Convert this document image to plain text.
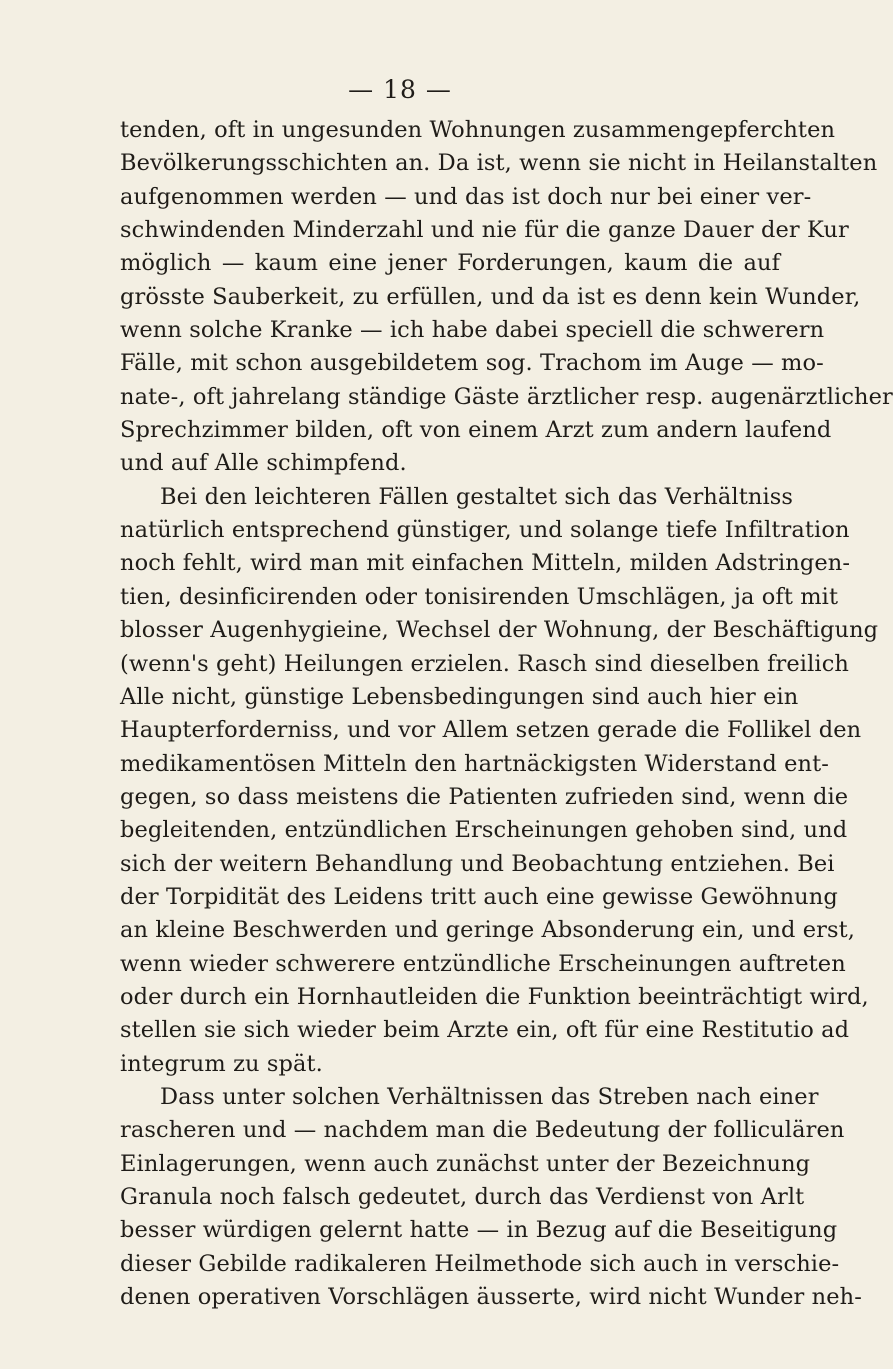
— 18 —
tenden, oft in ungesunden Wohnungen zusammengepferchten
Bevölkerungsschichten an. Da ist, wenn sie nicht in Heilanstalten
aufgenommen werden — und das ist doch nur bei einer ver-
schwindenden Minderzahl und nie für die ganze Dauer der Kur
möglich — kaum eine jener Forderungen, kaum die auf
grösste Sauberkeit, zu erfüllen, und da ist es denn kein Wunder,
wenn solche Kranke — ich habe dabei speciell die schwerern
Fälle, mit schon ausgebildetem sog. Trachom im Auge — mo-
nate-, oft jahrelang ständige Gäste ärztlicher resp. augenärztlicher
Sprechzimmer bilden, oft von einem Arzt zum andern laufend
und auf Alle schimpfend.
Bei den leichteren Fällen gestaltet sich das Verhältniss
natürlich entsprechend günstiger, und solange tiefe Infiltration
noch fehlt, wird man mit einfachen Mitteln, milden Adstringen-
tien, desinficirenden oder tonisirenden Umschlägen, ja oft mit
blosser Augenhygieine, Wechsel der Wohnung, der Beschäftigung
(wenn's geht) Heilungen erzielen. Rasch sind dieselben freilich
Alle nicht, günstige Lebensbedingungen sind auch hier ein
Haupterforderniss, und vor Allem setzen gerade die Follikel den
medikamentösen Mitteln den hartnäckigsten Widerstand ent-
gegen, so dass meistens die Patienten zufrieden sind, wenn die
begleitenden, entzündlichen Erscheinungen gehoben sind, und
sich der weitern Behandlung und Beobachtung entziehen. Bei
der Torpidität des Leidens tritt auch eine gewisse Gewöhnung
an kleine Beschwerden und geringe Absonderung ein, und erst,
wenn wieder schwerere entzündliche Erscheinungen auftreten
oder durch ein Hornhautleiden die Funktion beeinträchtigt wird,
stellen sie sich wieder beim Arzte ein, oft für eine Restitutio ad
integrum zu spät.
Dass unter solchen Verhältnissen das Streben nach einer
rascheren und — nachdem man die Bedeutung der folliculären
Einlagerungen, wenn auch zunächst unter der Bezeichnung
Granula noch falsch gedeutet, durch das Verdienst von Arlt
besser würdigen gelernt hatte — in Bezug auf die Beseitigung
dieser Gebilde radikaleren Heilmethode sich auch in verschie-
denen operativen Vorschlägen äusserte, wird nicht Wunder neh-
